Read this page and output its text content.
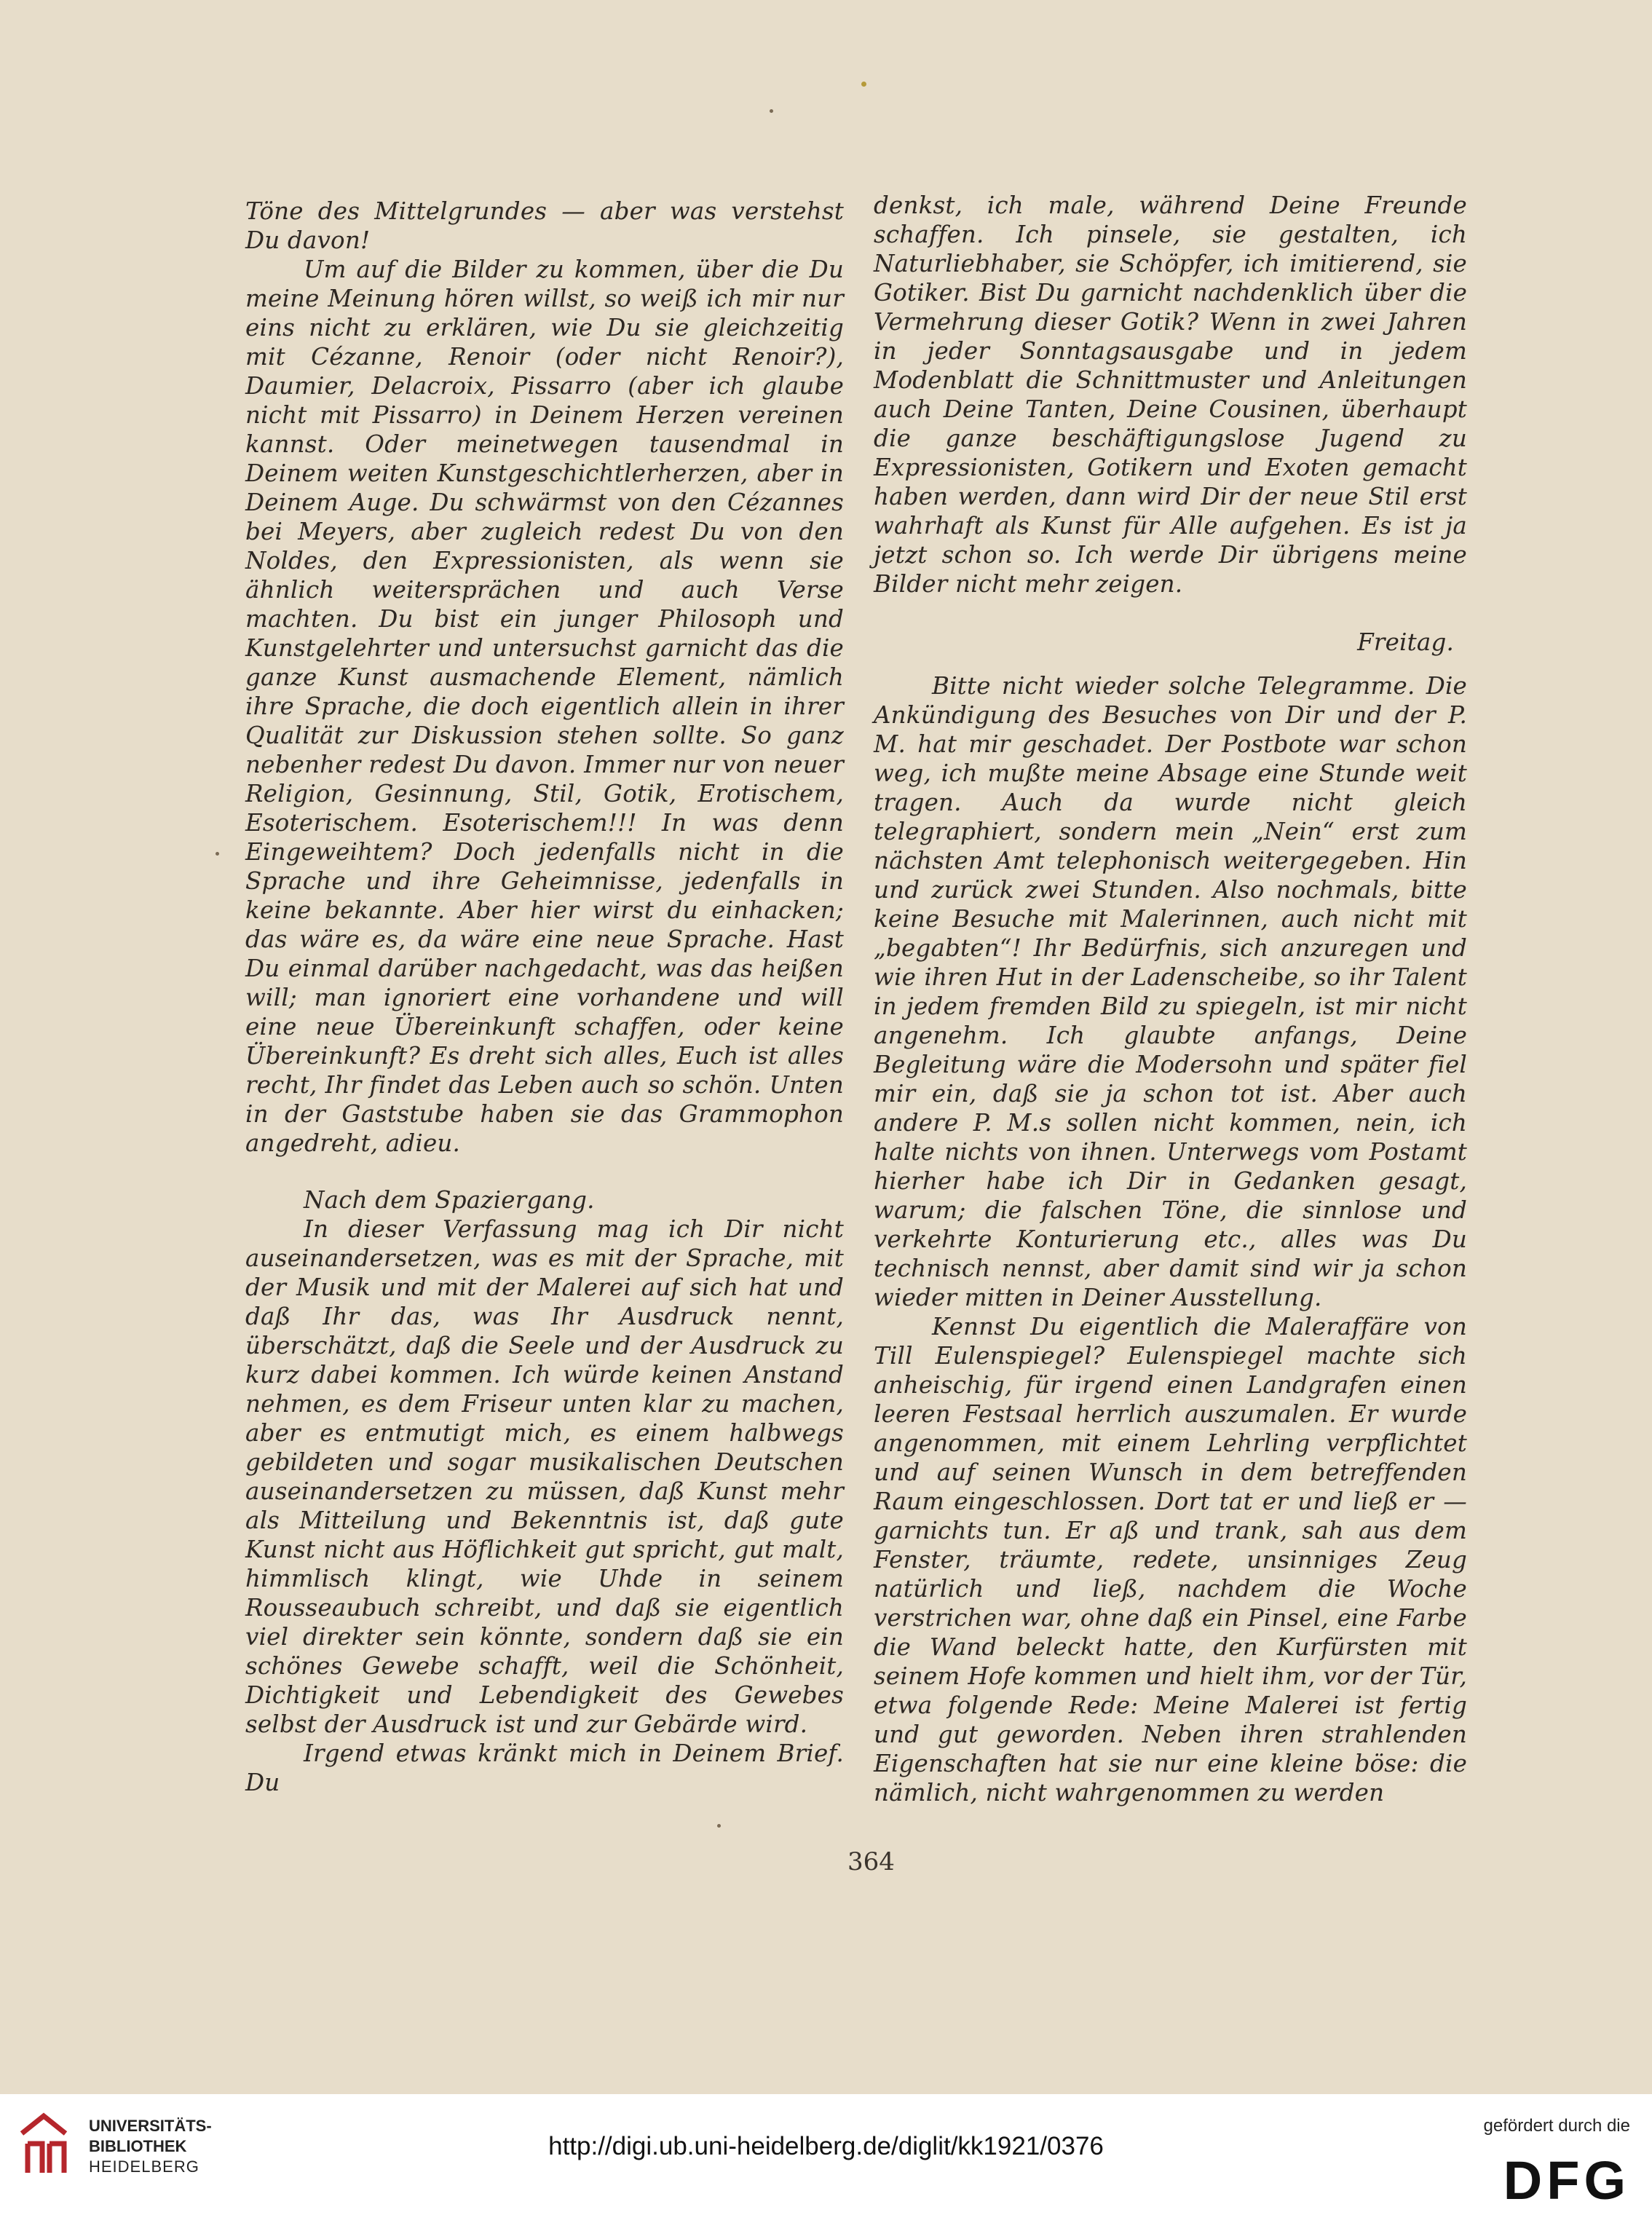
Töne des Mittelgrundes — aber was verstehst Du davon!

Um auf die Bilder zu kommen, über die Du meine Meinung hören willst, so weiß ich mir nur eins nicht zu erklären, wie Du sie gleichzeitig mit Cézanne, Renoir (oder nicht Renoir?), Daumier, Delacroix, Pissarro (aber ich glaube nicht mit Pissarro) in Deinem Herzen vereinen kannst. Oder meinetwegen tausendmal in Deinem weiten Kunstgeschichtlerherzen, aber in Deinem Auge. Du schwärmst von den Cézannes bei Meyers, aber zugleich redest Du von den Noldes, den Expressionisten, als wenn sie ähnlich weitersprächen und auch Verse machten. Du bist ein junger Philosoph und Kunstgelehrter und untersuchst garnicht das die ganze Kunst ausmachende Element, nämlich ihre Sprache, die doch eigentlich allein in ihrer Qualität zur Diskussion stehen sollte. So ganz nebenher redest Du davon. Immer nur von neuer Religion, Gesinnung, Stil, Gotik, Erotischem, Esoterischem. Esoterischem!!! In was denn Eingeweihtem? Doch jedenfalls nicht in die Sprache und ihre Geheimnisse, jedenfalls in keine bekannte. Aber hier wirst du einhacken; das wäre es, da wäre eine neue Sprache. Hast Du einmal darüber nachgedacht, was das heißen will; man ignoriert eine vorhandene und will eine neue Übereinkunft schaffen, oder keine Übereinkunft? Es dreht sich alles, Euch ist alles recht, Ihr findet das Leben auch so schön. Unten in der Gaststube haben sie das Grammophon angedreht, adieu.

Nach dem Spaziergang.

In dieser Verfassung mag ich Dir nicht auseinandersetzen, was es mit der Sprache, mit der Musik und mit der Malerei auf sich hat und daß Ihr das, was Ihr Ausdruck nennt, überschätzt, daß die Seele und der Ausdruck zu kurz dabei kommen. Ich würde keinen Anstand nehmen, es dem Friseur unten klar zu machen, aber es entmutigt mich, es einem halbwegs gebildeten und sogar musikalischen Deutschen auseinandersetzen zu müssen, daß Kunst mehr als Mitteilung und Bekenntnis ist, daß gute Kunst nicht aus Höflichkeit gut spricht, gut malt, himmlisch klingt, wie Uhde in seinem Rousseaubuch schreibt, und daß sie eigentlich viel direkter sein könnte, sondern daß sie ein schönes Gewebe schafft, weil die Schönheit, Dichtigkeit und Lebendigkeit des Gewebes selbst der Ausdruck ist und zur Gebärde wird.

Irgend etwas kränkt mich in Deinem Brief. Du

denkst, ich male, während Deine Freunde schaffen. Ich pinsele, sie gestalten, ich Naturliebhaber, sie Schöpfer, ich imitierend, sie Gotiker. Bist Du garnicht nachdenklich über die Vermehrung dieser Gotik? Wenn in zwei Jahren in jeder Sonntagsausgabe und in jedem Modenblatt die Schnittmuster und Anleitungen auch Deine Tanten, Deine Cousinen, überhaupt die ganze beschäftigungslose Jugend zu Expressionisten, Gotikern und Exoten gemacht haben werden, dann wird Dir der neue Stil erst wahrhaft als Kunst für Alle aufgehen. Es ist ja jetzt schon so. Ich werde Dir übrigens meine Bilder nicht mehr zeigen.

Freitag.

Bitte nicht wieder solche Telegramme. Die Ankündigung des Besuches von Dir und der P. M. hat mir geschadet. Der Postbote war schon weg, ich mußte meine Absage eine Stunde weit tragen. Auch da wurde nicht gleich telegraphiert, sondern mein „Nein“ erst zum nächsten Amt telephonisch weitergegeben. Hin und zurück zwei Stunden. Also nochmals, bitte keine Besuche mit Malerinnen, auch nicht mit „begabten“! Ihr Bedürfnis, sich anzuregen und wie ihren Hut in der Ladenscheibe, so ihr Talent in jedem fremden Bild zu spiegeln, ist mir nicht angenehm. Ich glaubte anfangs, Deine Begleitung wäre die Modersohn und später fiel mir ein, daß sie ja schon tot ist. Aber auch andere P. M.s sollen nicht kommen, nein, ich halte nichts von ihnen. Unterwegs vom Postamt hierher habe ich Dir in Gedanken gesagt, warum; die falschen Töne, die sinnlose und verkehrte Konturierung etc., alles was Du technisch nennst, aber damit sind wir ja schon wieder mitten in Deiner Ausstellung.

Kennst Du eigentlich die Maleraffäre von Till Eulenspiegel? Eulenspiegel machte sich anheischig, für irgend einen Landgrafen einen leeren Festsaal herrlich auszumalen. Er wurde angenommen, mit einem Lehrling verpflichtet und auf seinen Wunsch in dem betreffenden Raum eingeschlossen. Dort tat er und ließ er — garnichts tun. Er aß und trank, sah aus dem Fenster, träumte, redete, unsinniges Zeug natürlich und ließ, nachdem die Woche verstrichen war, ohne daß ein Pinsel, eine Farbe die Wand beleckt hatte, den Kurfürsten mit seinem Hofe kommen und hielt ihm, vor der Tür, etwa folgende Rede: Meine Malerei ist fertig und gut geworden. Neben ihren strahlenden Eigenschaften hat sie nur eine kleine böse: die nämlich, nicht wahrgenommen zu werden

364
UNIVERSITÄTS-
BIBLIOTHEK
HEIDELBERG
http://digi.ub.uni-heidelberg.de/diglit/kk1921/0376
gefördert durch die
DFG
